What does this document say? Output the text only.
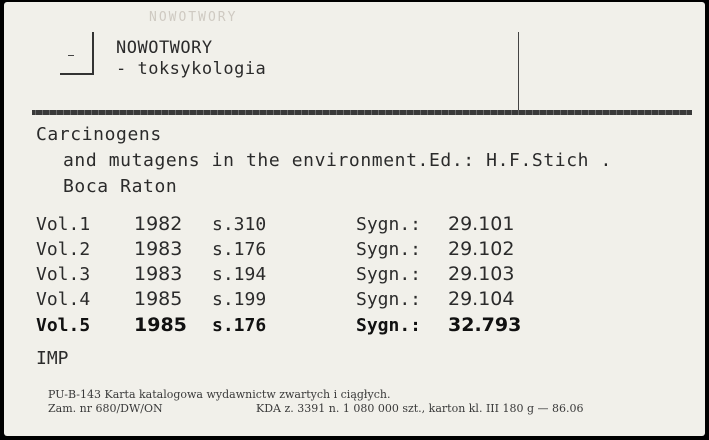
NOWOTWORY
NOWOTWORY
- toksykologia
Carcinogens
and mutagens in the environment.Ed.: H.F.Stich .
Boca Raton
Vol.1 1982 s.310	Sygn.: 29.101
Vol.2 1983 s.176	Sygn.: 29.102
Vol.3 1983 s.194	Sygn.: 29.103
Vol.4 1985 s.199	Sygn.: 29.104
Vol.5 1985 s.176	Sygn.: 32.793
IMP
PU-B-143 Karta katalogowa wydawnictw zwartych i ciągłych.
Zam. nr 680/DW/ON	KDA z. 3391 n. 1 080 000 szt., karton kl. III 180 g — 86.06
